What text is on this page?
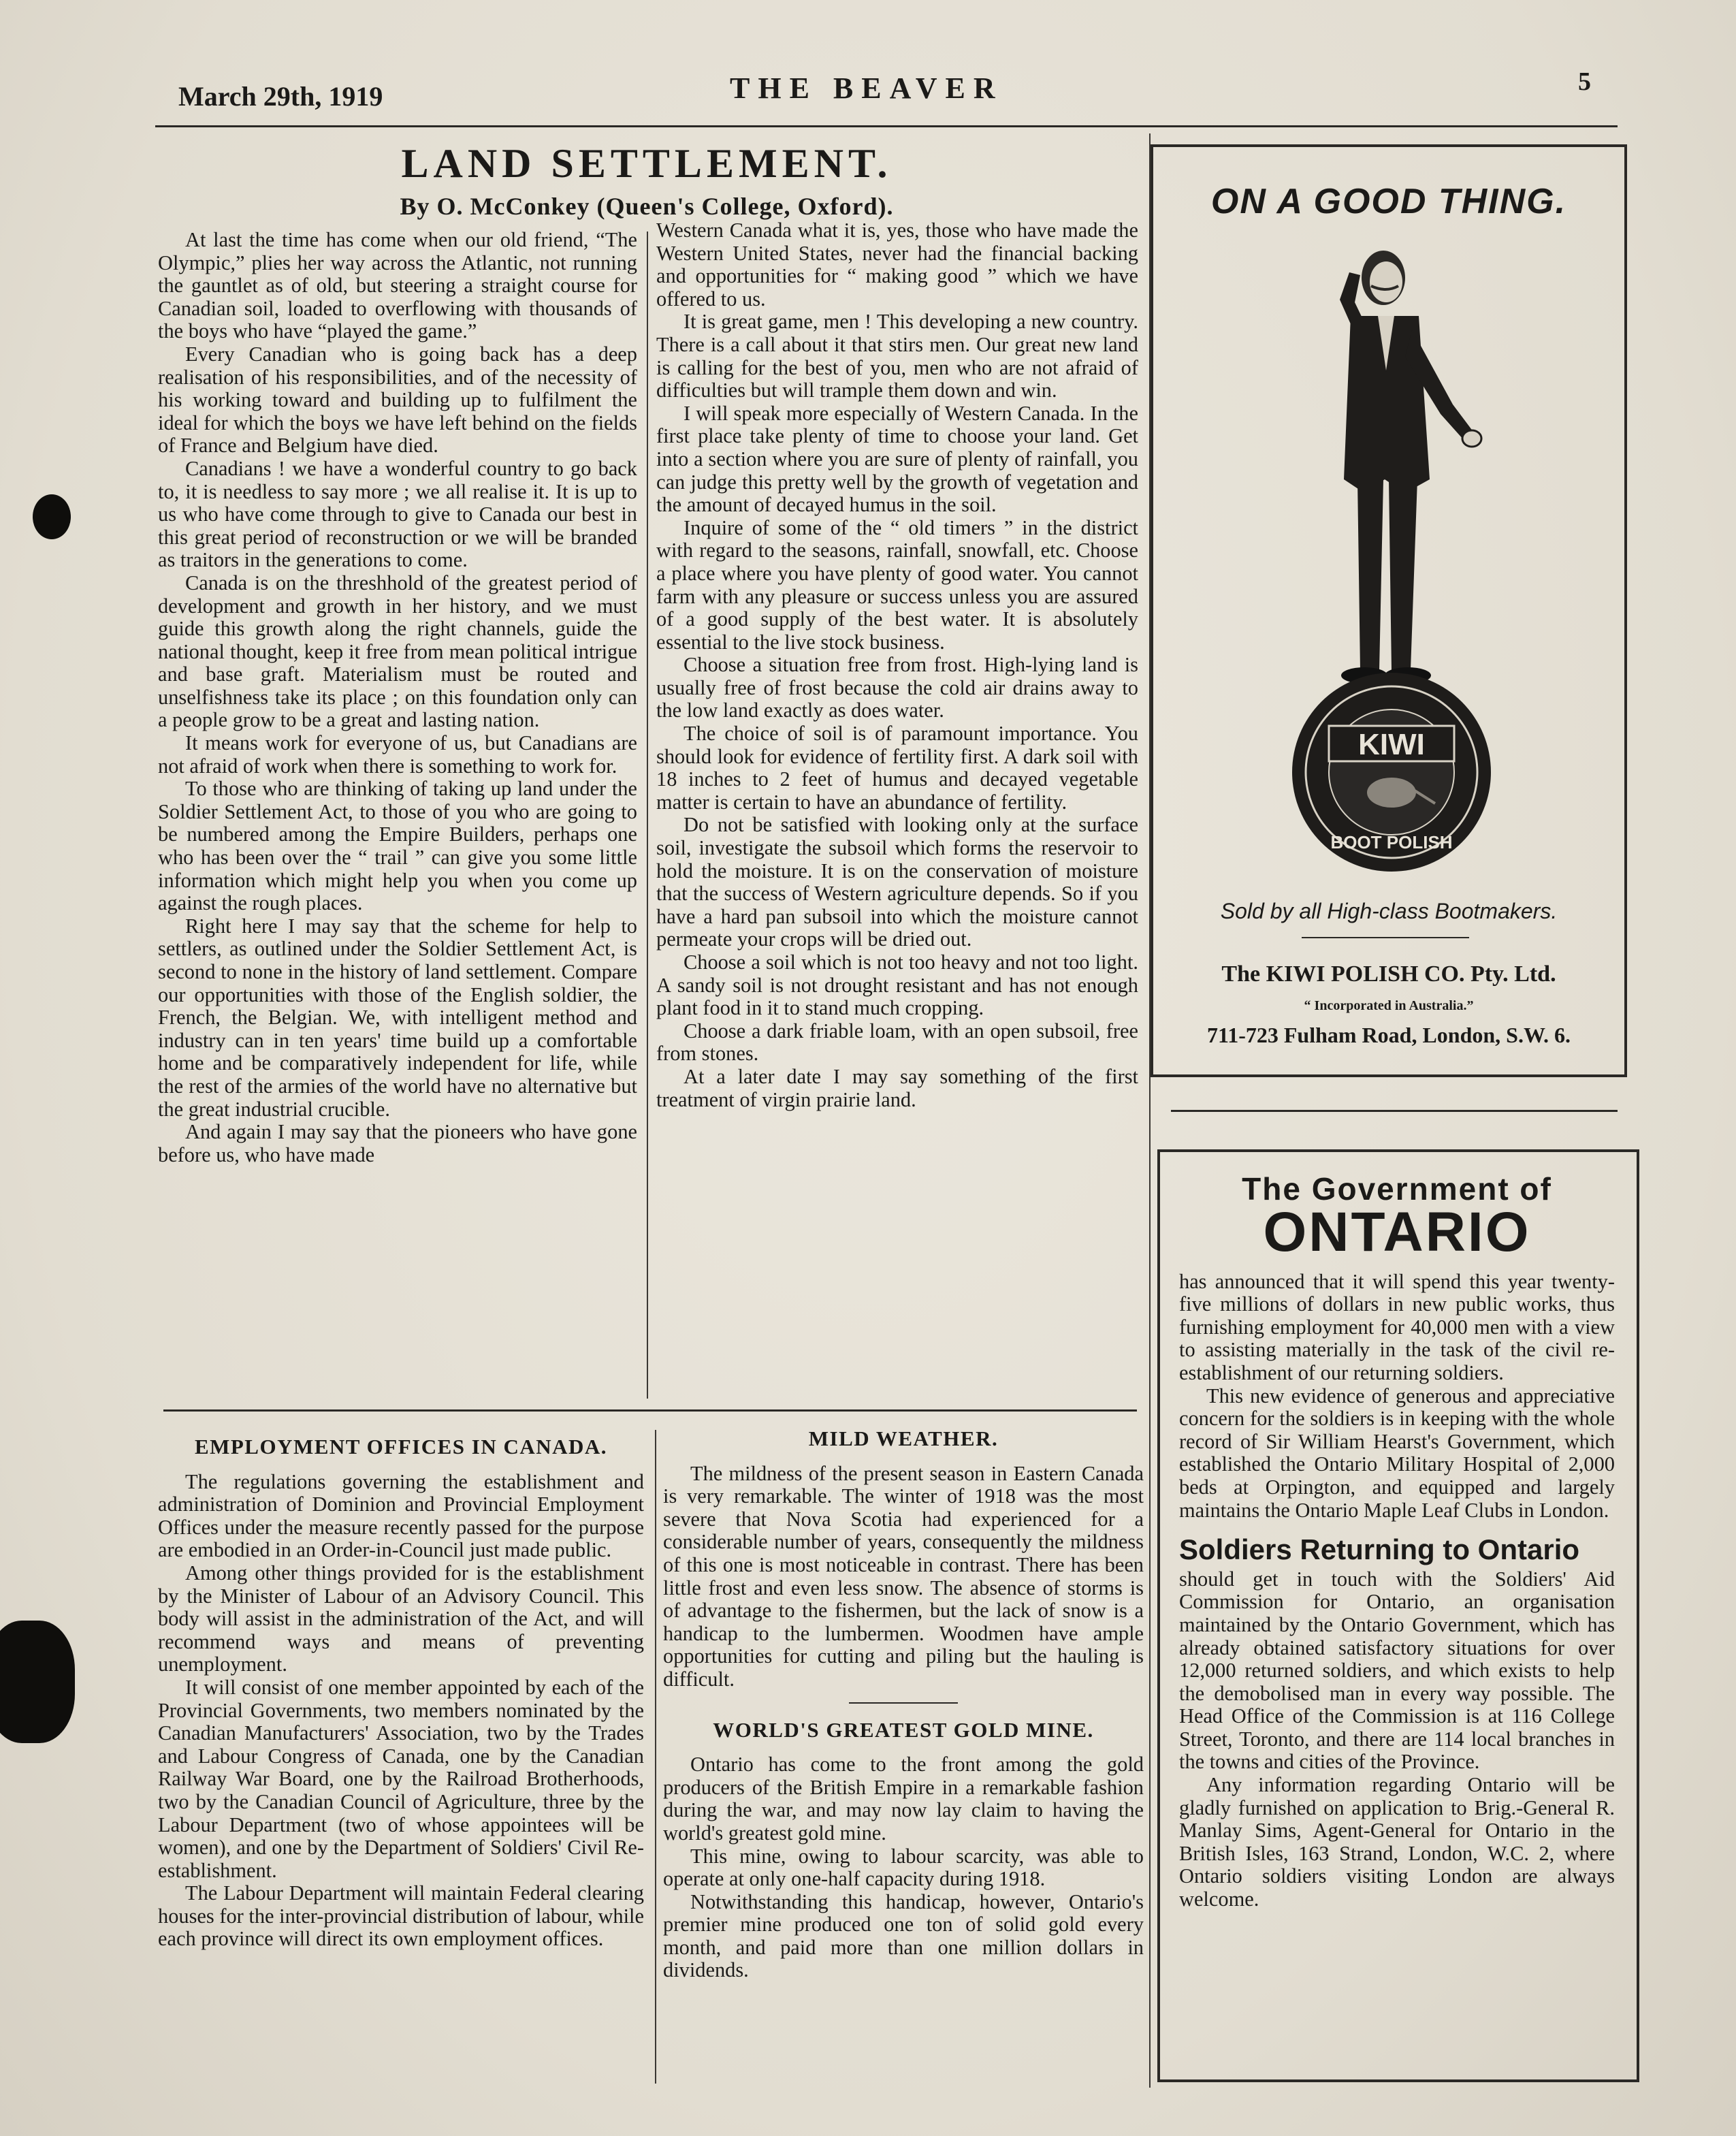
March 29th, 1919	THE BEAVER	5
LAND SETTLEMENT.
By O. McConkey (Queen's College, Oxford).

At last the time has come when our old friend, “The Olympic,” plies her way across the Atlantic, not running the gauntlet as of old, but steering a straight course for Canadian soil, loaded to overflowing with thousands of the boys who have “played the game.”

Every Canadian who is going back has a deep realisation of his responsibilities, and of the necessity of his working toward and building up to fulfilment the ideal for which the boys we have left behind on the fields of France and Belgium have died.

Canadians ! we have a wonderful country to go back to, it is needless to say more ; we all realise it. It is up to us who have come through to give to Canada our best in this great period of reconstruction or we will be branded as traitors in the generations to come.

Canada is on the threshhold of the greatest period of development and growth in her history, and we must guide this growth along the right channels, guide the national thought, keep it free from mean political intrigue and base graft. Materialism must be routed and unselfishness take its place ; on this foundation only can a people grow to be a great and lasting nation.

It means work for everyone of us, but Canadians are not afraid of work when there is something to work for.

To those who are thinking of taking up land under the Soldier Settlement Act, to those of you who are going to be numbered among the Empire Builders, perhaps one who has been over the “ trail ” can give you some little information which might help you when you come up against the rough places.

Right here I may say that the scheme for help to settlers, as outlined under the Soldier Settlement Act, is second to none in the history of land settlement. Compare our opportunities with those of the English soldier, the French, the Belgian. We, with intelligent method and industry can in ten years' time build up a comfortable home and be comparatively independent for life, while the rest of the armies of the world have no alternative but the great industrial crucible.

And again I may say that the pioneers who have gone before us, who have made

Western Canada what it is, yes, those who have made the Western United States, never had the financial backing and opportunities for “ making good ” which we have offered to us.

It is great game, men ! This developing a new country. There is a call about it that stirs men. Our great new land is calling for the best of you, men who are not afraid of difficulties but will trample them down and win.

I will speak more especially of Western Canada. In the first place take plenty of time to choose your land. Get into a section where you are sure of plenty of rainfall, you can judge this pretty well by the growth of vegetation and the amount of decayed humus in the soil.

Inquire of some of the “ old timers ” in the district with regard to the seasons, rainfall, snowfall, etc. Choose a place where you have plenty of good water. You cannot farm with any pleasure or success unless you are assured of a good supply of the best water. It is absolutely essential to the live stock business.

Choose a situation free from frost. High-lying land is usually free of frost because the cold air drains away to the low land exactly as does water.

The choice of soil is of paramount importance. You should look for evidence of fertility first. A dark soil with 18 inches to 2 feet of humus and decayed vegetable matter is certain to have an abundance of fertility.

Do not be satisfied with looking only at the surface soil, investigate the subsoil which forms the reservoir to hold the moisture. It is on the conservation of moisture that the success of Western agriculture depends. So if you have a hard pan subsoil into which the moisture cannot permeate your crops will be dried out.

Choose a soil which is not too heavy and not too light. A sandy soil is not drought resistant and has not enough plant food in it to stand much cropping.

Choose a dark friable loam, with an open subsoil, free from stones.

At a later date I may say something of the first treatment of virgin prairie land.

EMPLOYMENT OFFICES IN CANADA.

The regulations governing the establishment and administration of Dominion and Provincial Employment Offices under the measure recently passed for the purpose are embodied in an Order-in-Council just made public.

Among other things provided for is the establishment by the Minister of Labour of an Advisory Council. This body will assist in the administration of the Act, and will recommend ways and means of preventing unemployment.

It will consist of one member appointed by each of the Provincial Governments, two members nominated by the Canadian Manufacturers' Association, two by the Trades and Labour Congress of Canada, one by the Canadian Railway War Board, one by the Railroad Brotherhoods, two by the Canadian Council of Agriculture, three by the Labour Department (two of whose appointees will be women), and one by the Department of Soldiers' Civil Re-establishment.

The Labour Department will maintain Federal clearing houses for the inter-provincial distribution of labour, while each province will direct its own employment offices.

MILD WEATHER.

The mildness of the present season in Eastern Canada is very remarkable. The winter of 1918 was the most severe that Nova Scotia had experienced for a considerable number of years, consequently the mildness of this one is most noticeable in contrast. There has been little frost and even less snow. The absence of storms is of advantage to the fishermen, but the lack of snow is a handicap to the lumbermen. Woodmen have ample opportunities for cutting and piling but the hauling is difficult.

WORLD'S GREATEST GOLD MINE.

Ontario has come to the front among the gold producers of the British Empire in a remarkable fashion during the war, and may now lay claim to having the world's greatest gold mine.

This mine, owing to labour scarcity, was able to operate at only one-half capacity during 1918.

Notwithstanding this handicap, however, Ontario's premier mine produced one ton of solid gold every month, and paid more than one million dollars in dividends.

ON A GOOD THING.
KIWI
BOOT POLISH
Sold by all High-class Bootmakers.
The KIWI POLISH CO. Pty. Ltd.
“ Incorporated in Australia.”
711-723 Fulham Road, London, S.W. 6.
The Government of
ONTARIO

has announced that it will spend this year twenty-five millions of dollars in new public works, thus furnishing employment for 40,000 men with a view to assisting materially in the task of the civil re-establishment of our returning soldiers.

This new evidence of generous and appreciative concern for the soldiers is in keeping with the whole record of Sir William Hearst's Government, which established the Ontario Military Hospital of 2,000 beds at Orpington, and equipped and largely maintains the Ontario Maple Leaf Clubs in London.

Soldiers Returning to Ontario

should get in touch with the Soldiers' Aid Commission for Ontario, an organisation maintained by the Ontario Government, which has already obtained satisfactory situations for over 12,000 returned soldiers, and which exists to help the demobolised man in every way possible. The Head Office of the Commission is at 116 College Street, Toronto, and there are 114 local branches in the towns and cities of the Province.

Any information regarding Ontario will be gladly furnished on application to Brig.-General R. Manlay Sims, Agent-General for Ontario in the British Isles, 163 Strand, London, W.C. 2, where Ontario soldiers visiting London are always welcome.
